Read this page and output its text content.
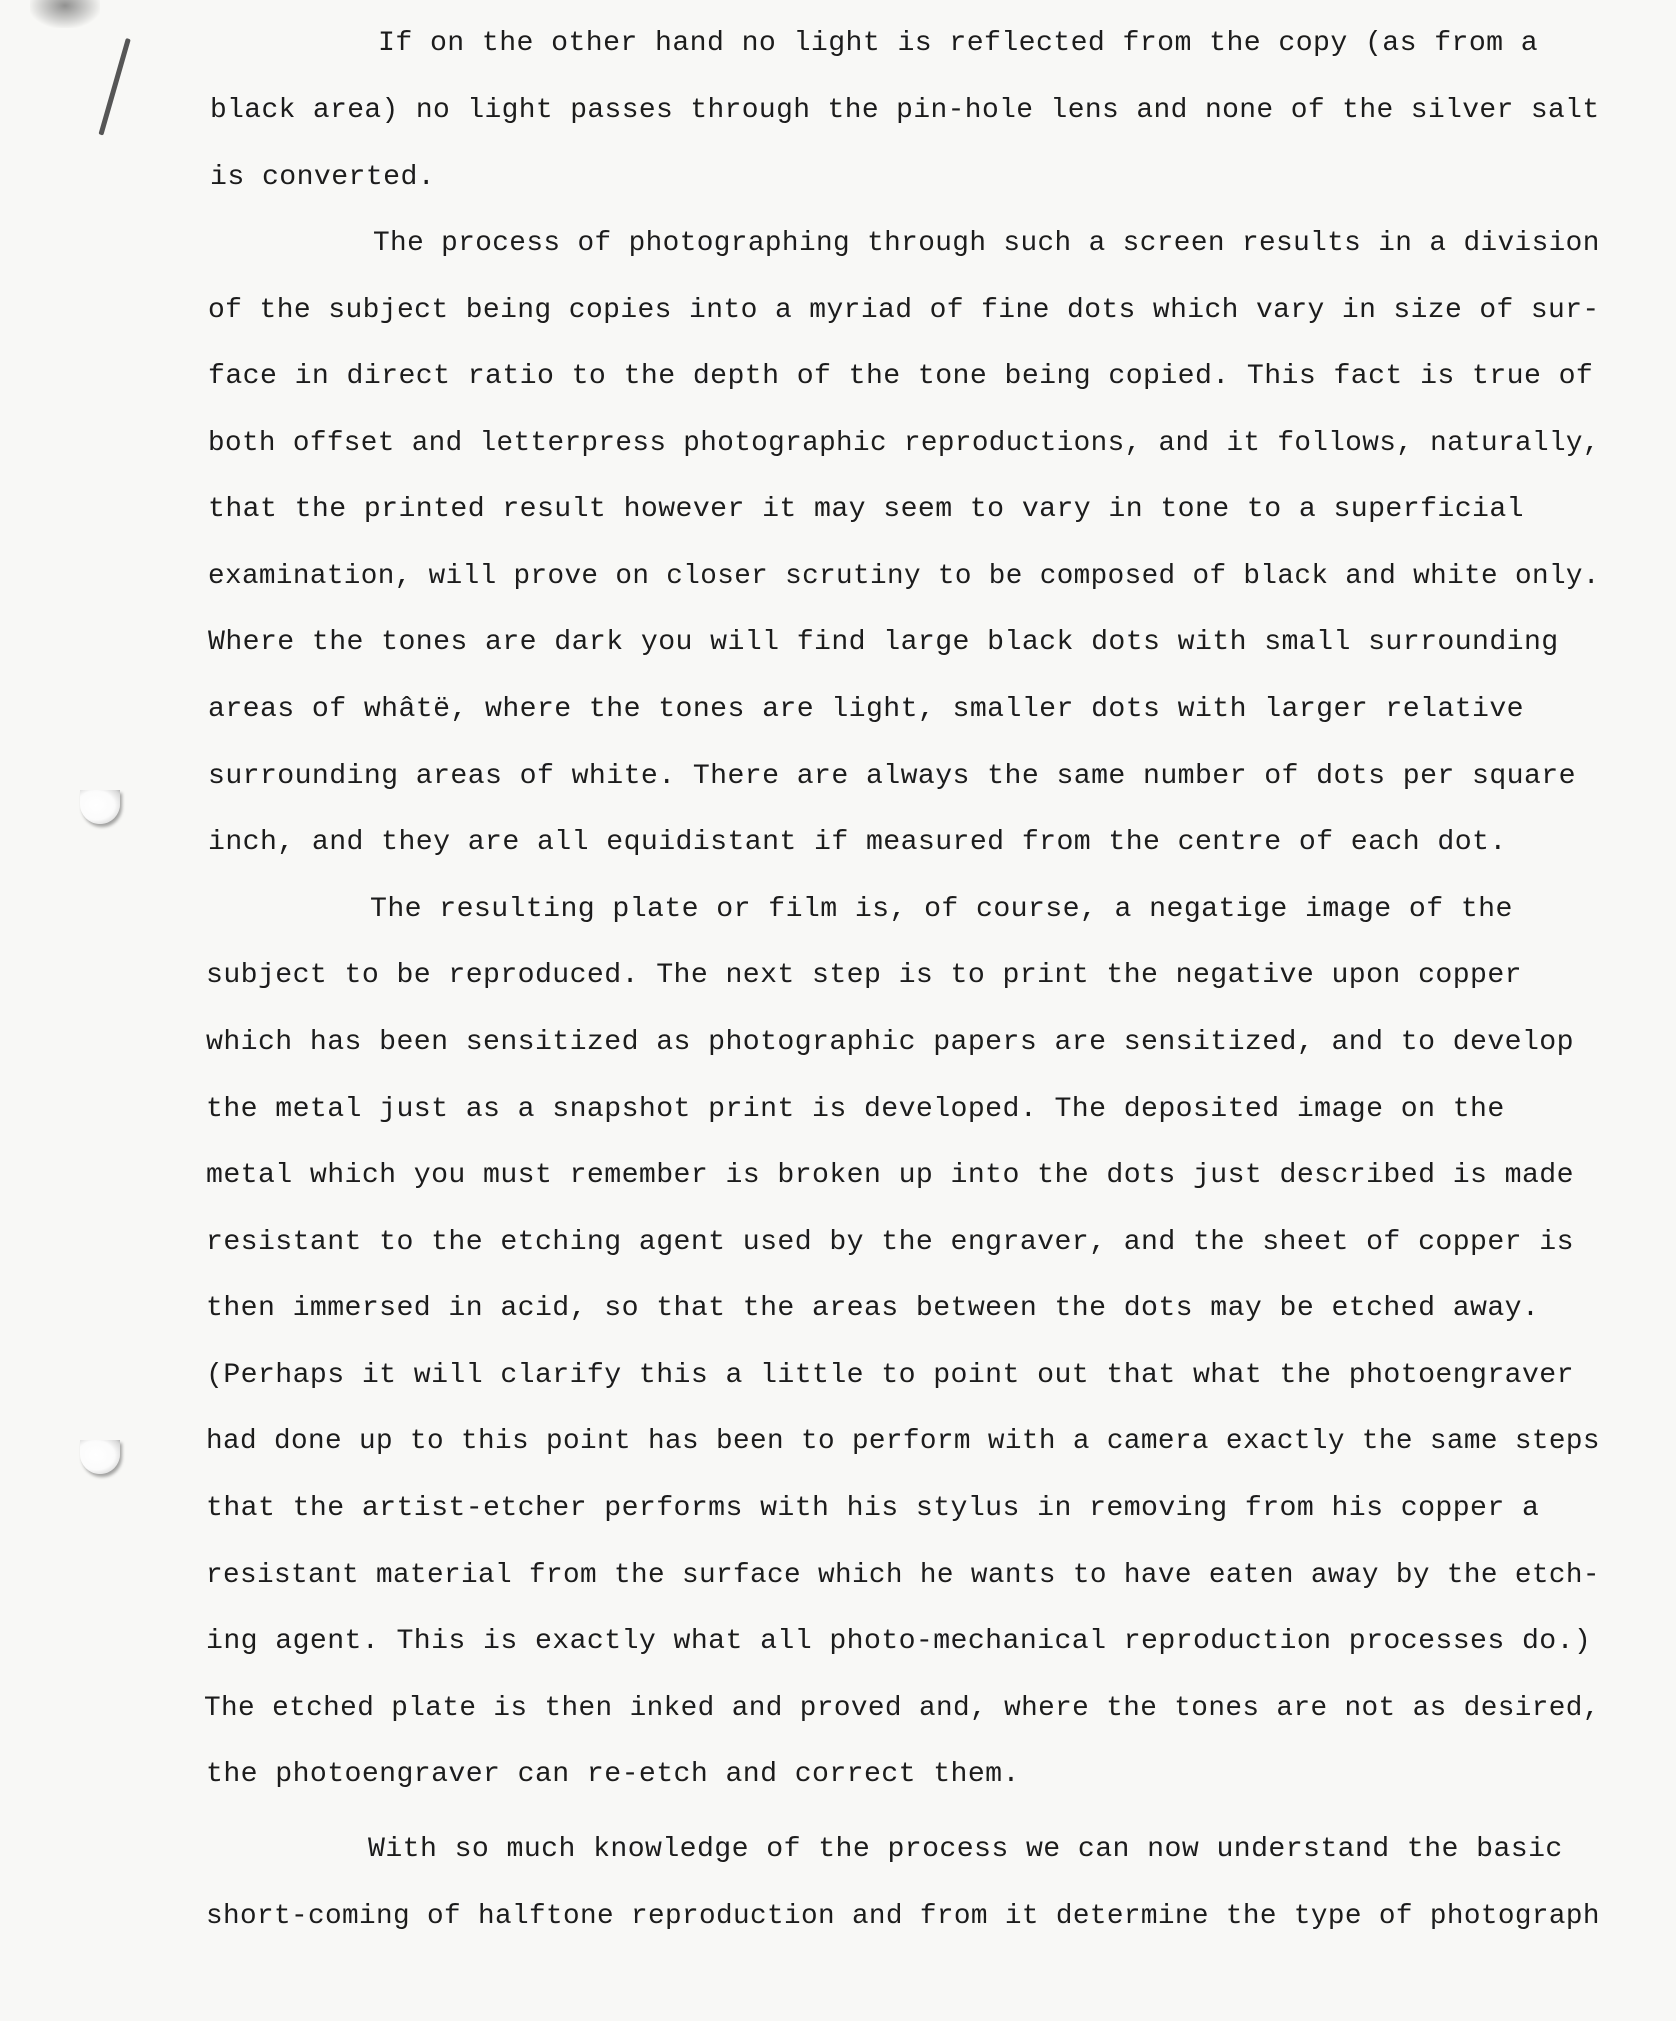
If on the other hand no light is reflected from the copy (as from a
black area) no light passes through the pin-hole lens and none of the silver salt
is converted.
The process of photographing through such a screen results in a division
of the subject being copies into a myriad of fine dots which vary in size of sur-
face in direct ratio to the depth of the tone being copied. This fact is true of
both offset and letterpress photographic reproductions, and it follows, naturally,
that the printed result however it may seem to vary in tone to a superficial
examination, will prove on closer scrutiny to be composed of black and white only.
Where the tones are dark you will find large black dots with small surrounding
areas of whâtë, where the tones are light, smaller dots with larger relative
surrounding areas of white. There are always the same number of dots per square
inch, and they are all equidistant if measured from the centre of each dot.
The resulting plate or film is, of course, a negatige image of the
subject to be reproduced. The next step is to print the negative upon copper
which has been sensitized as photographic papers are sensitized, and to develop
the metal just as a snapshot print is developed. The deposited image on the
metal which you must remember is broken up into the dots just described is made
resistant to the etching agent used by the engraver, and the sheet of copper is
then immersed in acid, so that the areas between the dots may be etched away.
(Perhaps it will clarify this a little to point out that what the photoengraver
had done up to this point has been to perform with a camera exactly the same steps
that the artist-etcher performs with his stylus in removing from his copper a
resistant material from the surface which he wants to have eaten away by the etch-
ing agent. This is exactly what all photo-mechanical reproduction processes do.)
The etched plate is then inked and proved and, where the tones are not as desired,
the photoengraver can re-etch and correct them.
With so much knowledge of the process we can now understand the basic
short-coming of halftone reproduction and from it determine the type of photograph
